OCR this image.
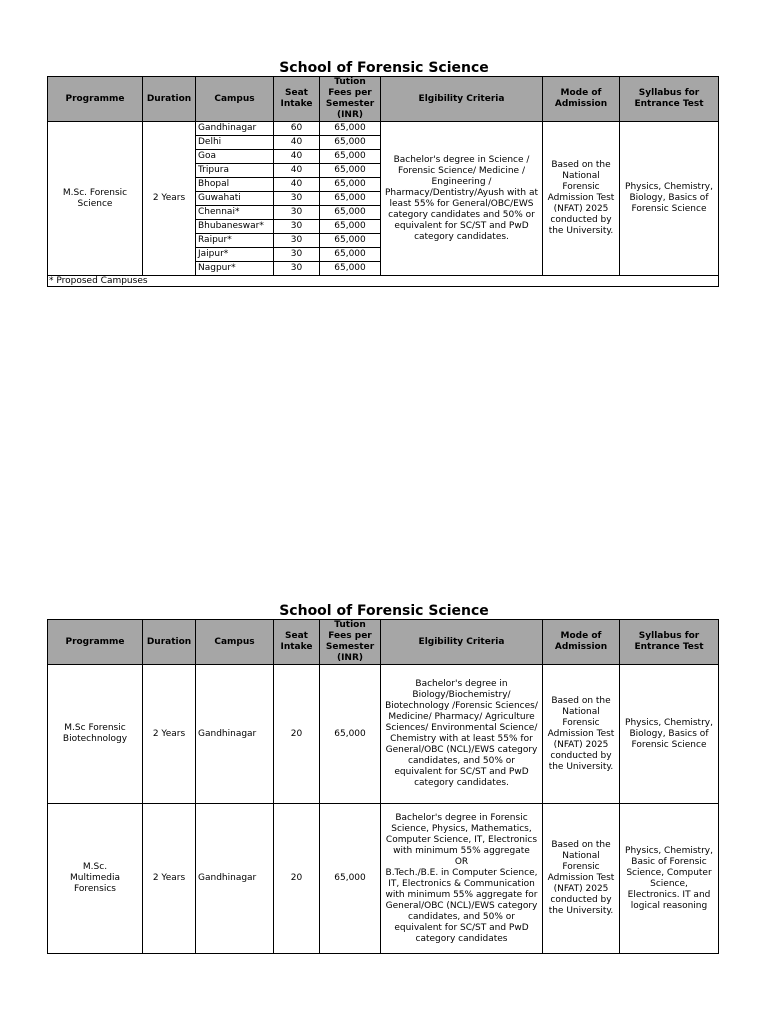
School of Forensic Science
Programme	Duration	Campus	Seat Intake	Tution Fees per Semester (INR)	Elgibility Criteria	Mode of Admission	Syllabus for Entrance Test
M.Sc. Forensic Science	2 Years	Gandhinagar	60	65,000	Bachelor's degree in Science / Forensic Science/ Medicine / Engineering / Pharmacy/Dentistry/Ayush with at least 55% for General/OBC/EWS category candidates and 50% or equivalent for SC/ST and PwD category candidates.	Based on the National Forensic Admission Test (NFAT) 2025 conducted by the University.	Physics, Chemistry, Biology, Basics of Forensic Science
		Delhi	40	65,000			
		Goa	40	65,000			
		Tripura	40	65,000			
		Bhopal	40	65,000			
		Guwahati	30	65,000			
		Chennai*	30	65,000			
		Bhubaneswar*	30	65,000			
		Raipur*	30	65,000			
		Jaipur*	30	65,000			
		Nagpur*	30	65,000			
* Proposed Campuses							
School of Forensic Science
Programme	Duration	Campus	Seat Intake	Tution Fees per Semester (INR)	Elgibility Criteria	Mode of Admission	Syllabus for Entrance Test
M.Sc Forensic Biotechnology	2 Years	Gandhinagar	20	65,000	Bachelor's degree in Biology/Biochemistry/ Biotechnology /Forensic Sciences/ Medicine/ Pharmacy/ Agriculture Sciences/ Environmental Science/ Chemistry with at least 55% for General/OBC (NCL)/EWS category candidates, and 50% or equivalent for SC/ST and PwD category candidates.	Based on the National Forensic Admission Test (NFAT) 2025 conducted by the University.	Physics, Chemistry, Biology, Basics of Forensic Science
M.Sc. Multimedia Forensics	2 Years	Gandhinagar	20	65,000	Bachelor's degree in Forensic Science, Physics, Mathematics, Computer Science, IT, Electronics with minimum 55% aggregate
OR
B.Tech./B.E. in Computer Science, IT, Electronics & Communication with minimum 55% aggregate for General/OBC (NCL)/EWS category candidates, and 50% or equivalent for SC/ST and PwD category candidates	Based on the National Forensic Admission Test (NFAT) 2025 conducted by the University.	Physics, Chemistry, Basic of Forensic Science, Computer Science, Electronics. IT and logical reasoning
